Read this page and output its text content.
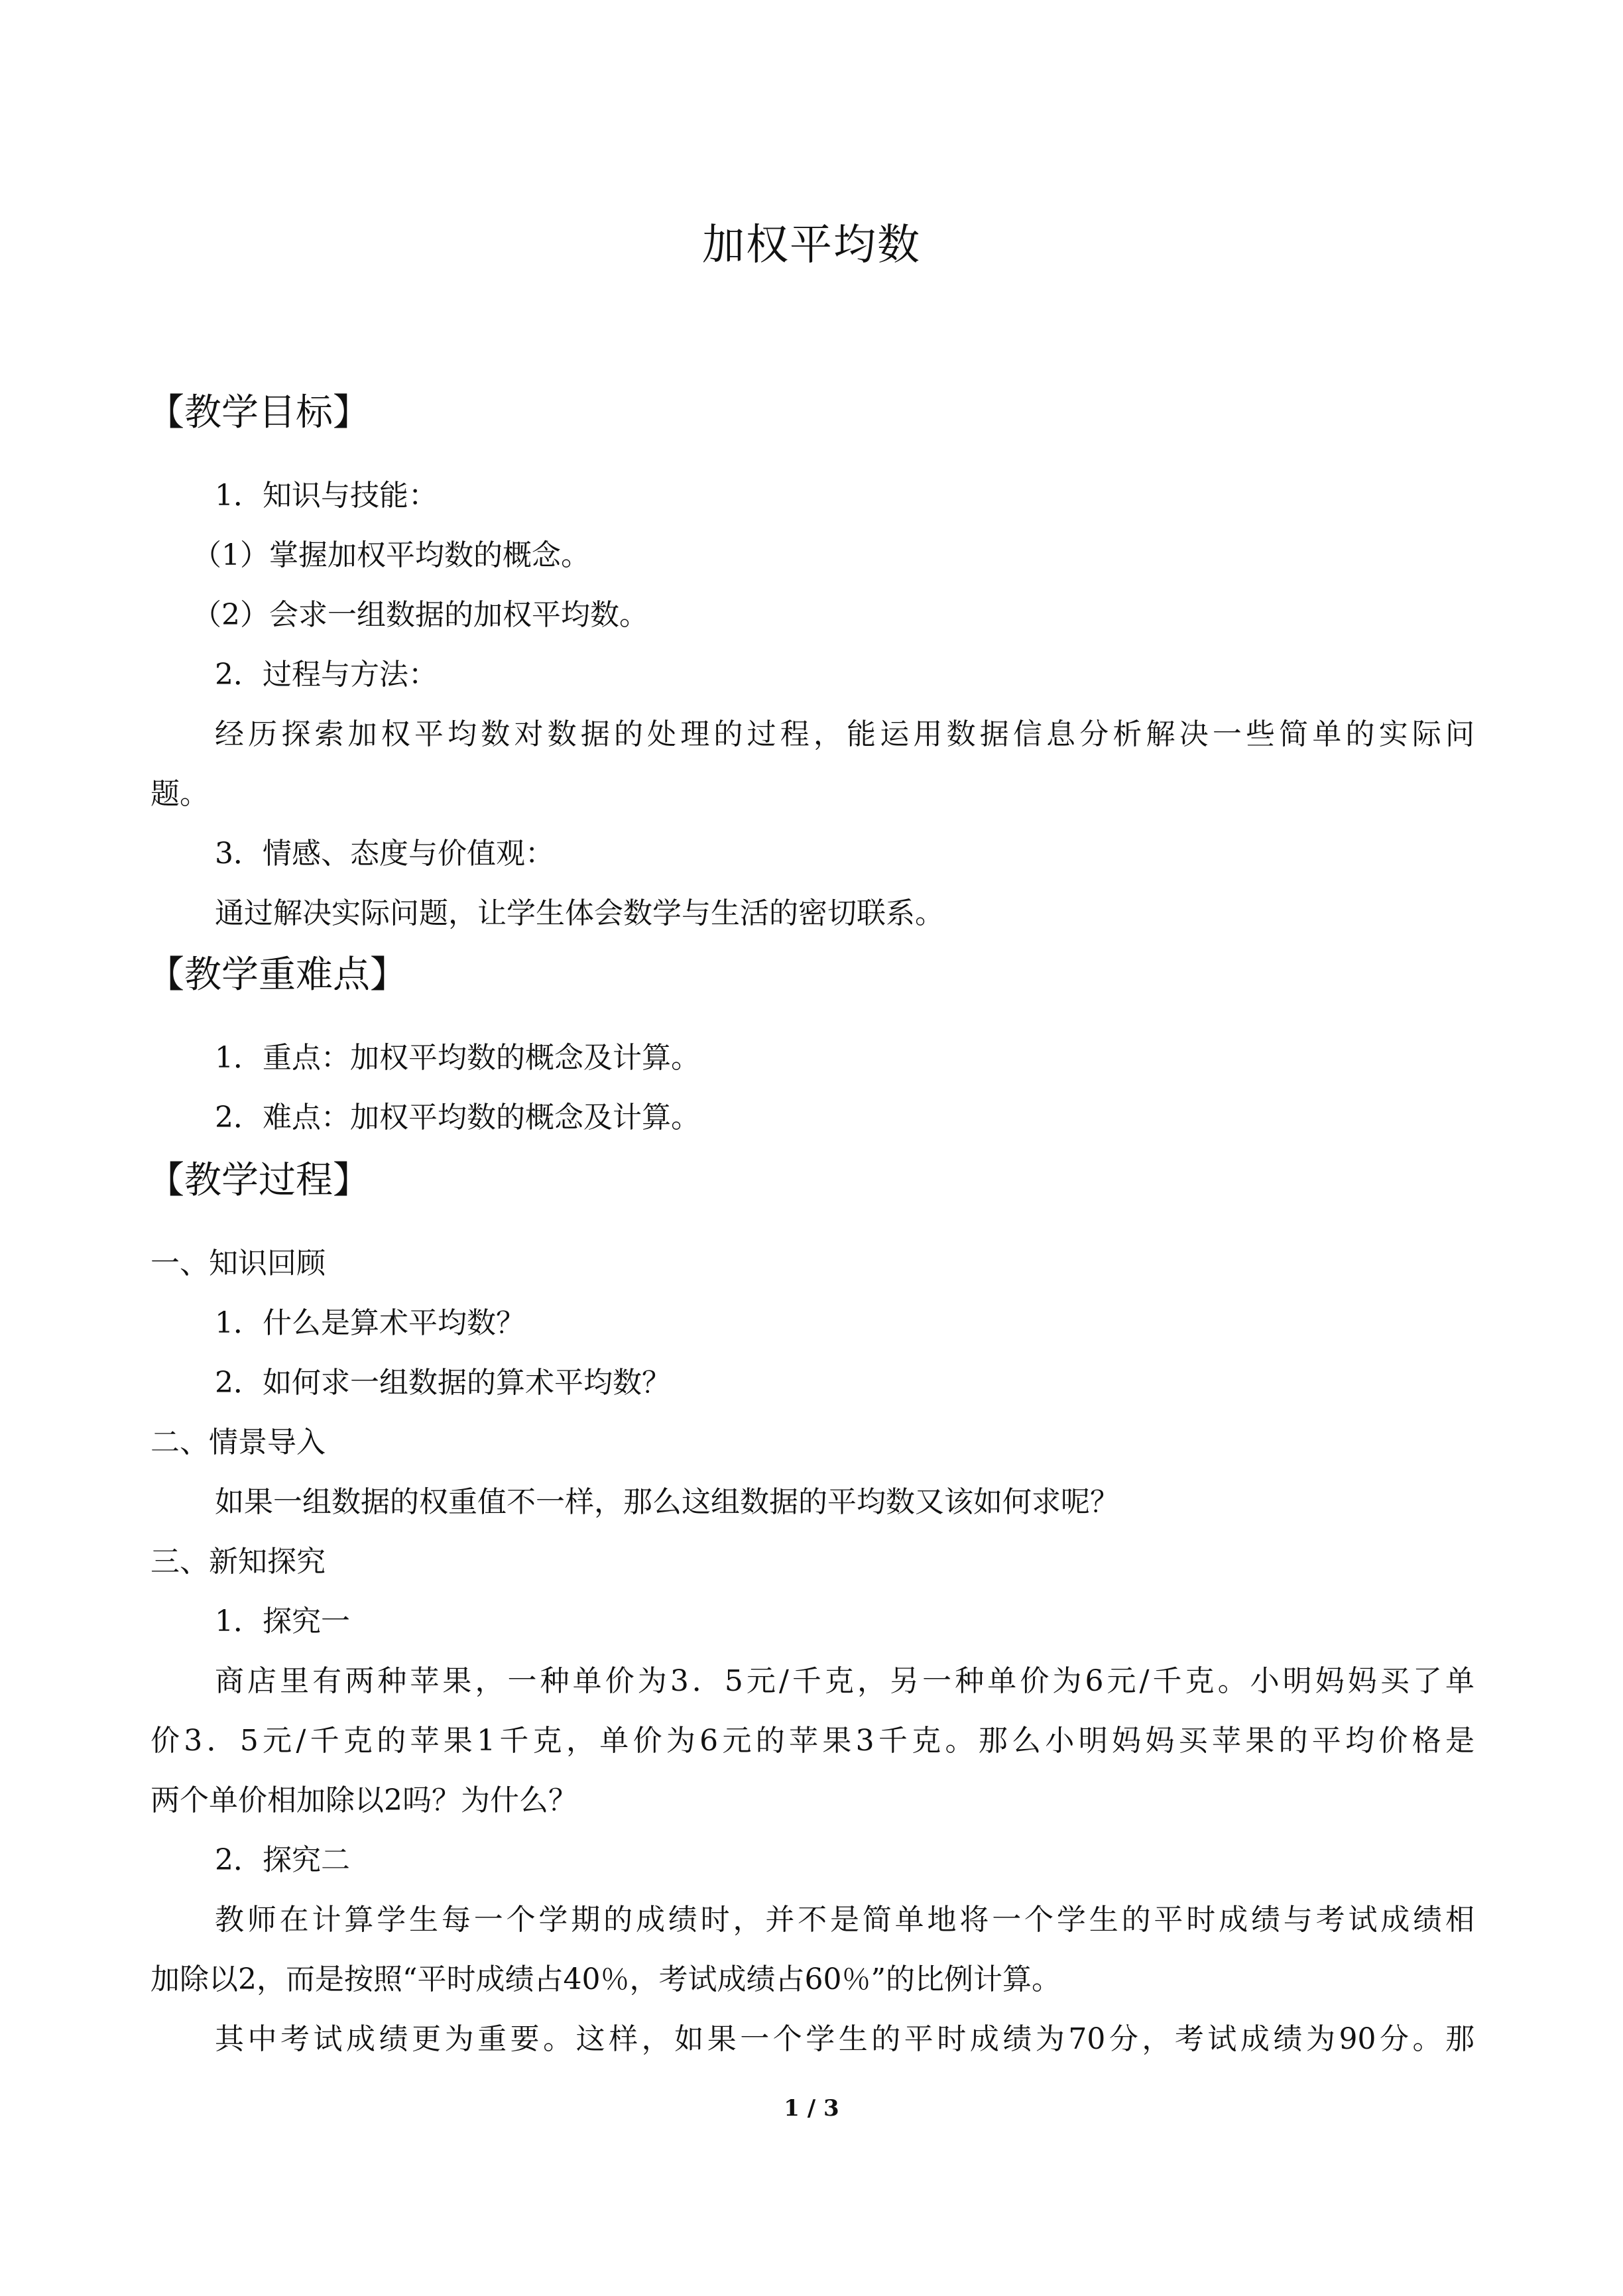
加权平均数
【教学目标】
1．知识与技能：
（1）掌握加权平均数的概念。
（2）会求一组数据的加权平均数。
2．过程与方法：
经历探索加权平均数对数据的处理的过程，能运用数据信息分析解决一些简单的实际问
题。
3．情感、态度与价值观：
通过解决实际问题，让学生体会数学与生活的密切联系。
【教学重难点】
1．重点：加权平均数的概念及计算。
2．难点：加权平均数的概念及计算。
【教学过程】
一、知识回顾
1．什么是算术平均数？
2．如何求一组数据的算术平均数？
二、情景导入
如果一组数据的权重值不一样，那么这组数据的平均数又该如何求呢？
三、新知探究
1．探究一
商店里有两种苹果，一种单价为3．5元/千克，另一种单价为6元/千克。小明妈妈买了单
价3．5元/千克的苹果1千克，单价为6元的苹果3千克。那么小明妈妈买苹果的平均价格是
两个单价相加除以2吗？为什么？
2．探究二
教师在计算学生每一个学期的成绩时，并不是简单地将一个学生的平时成绩与考试成绩相
加除以2，而是按照“平时成绩占40％，考试成绩占60％”的比例计算。
其中考试成绩更为重要。这样，如果一个学生的平时成绩为70分，考试成绩为90分。那
1 / 3
